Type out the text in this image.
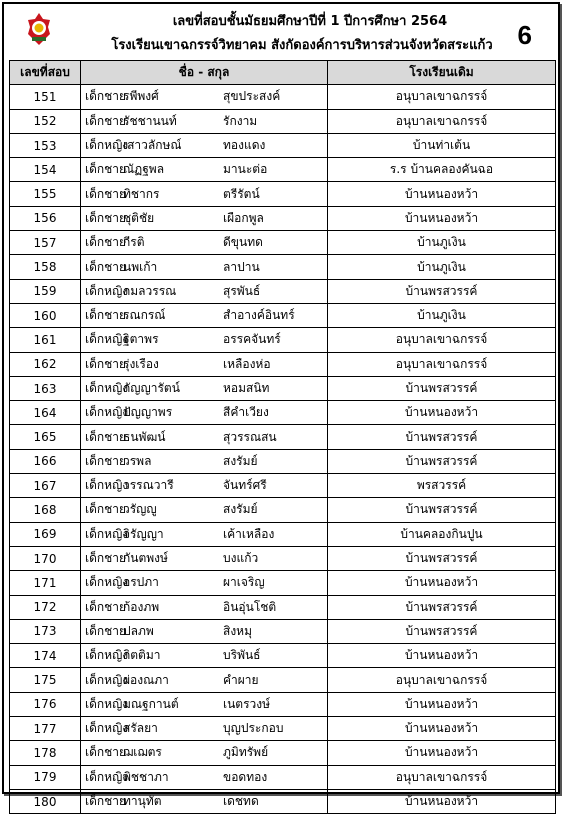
เลขที่สอบชั้นมัธยมศึกษาปีที่ 1 ปีการศึกษา 2564
โรงเรียนเขาฉกรรจ์วิทยาคม สังกัดองค์การบริหารส่วนจังหวัดสระแก้ว 6
เลขที่สอบ	ชื่อ - สกุล	โรงเรียนเดิม
151	เด็กชายรพีพงศ์ สุขประสงค์	อนุบาลเขาฉกรรจ์
152	เด็กชายรัชชานนท์ รักงาม	อนุบาลเขาฉกรรจ์
153	เด็กหญิงเสาวลักษณ์ ทองแดง	บ้านท่าเต้น
154	เด็กชายณัฏฐพล มานะต่อ	ร.ร บ้านคลองคันฉอ
155	เด็กชายทิชากร ตรีรัตน์	บ้านหนองหว้า
156	เด็กชายชุติชัย เผือกพูล	บ้านหนองหว้า
157	เด็กชายกีรติ ดีขุนทด	บ้านภูเงิน
158	เด็กชายนพเก้า ลาปาน	บ้านภูเงิน
159	เด็กหญิงกมลวรรณ สุรพันธ์	บ้านพรสวรรค์
160	เด็กชายรณกรณ์ สำอางค์อินทร์	บ้านภูเงิน
161	เด็กหญิงฐิตาพร อรรคจันทร์	อนุบาลเขาฉกรรจ์
162	เด็กชายรุ่งเรือง เหลืองห่อ	อนุบาลเขาฉกรรจ์
163	เด็กหญิงกัญญารัตน์ หอมสนิท	บ้านพรสวรรค์
164	เด็กหญิงปัญญาพร สีคำเวียง	บ้านหนองหว้า
165	เด็กชายธนพัฒน์ สุวรรณสน	บ้านพรสวรรค์
166	เด็กชายวรพล สงรัมย์	บ้านพรสวรรค์
167	เด็กหญิงวรรณวารี จันทร์ศรี	พรสวรรค์
168	เด็กชายวรัญญู สงรัมย์	บ้านพรสวรรค์
169	เด็กหญิงจิรัญญา เค้าเหลือง	บ้านคลองกินปูน
170	เด็กชายกันตพงษ์ บงแก้ว	บ้านพรสวรรค์
171	เด็กหญิงอรปภา ผาเจริญ	บ้านหนองหว้า
172	เด็กชายก้องภพ อินอุ่นโชติ	บ้านพรสวรรค์
173	เด็กชายปลภพ สิงหมุ	บ้านพรสวรรค์
174	เด็กหญิงกิตติมา บริพันธ์	บ้านหนองหว้า
175	เด็กหญิงผ่องณภา คำผาย	อนุบาลเขาฉกรรจ์
176	เด็กหญิงมณฐกานต์ เนตรวงษ์	บ้านหนองหว้า
177	เด็กหญิงสรัลยา บุญประกอบ	บ้านหนองหว้า
178	เด็กชายฌเฌตร ภูมิทรัพย์	บ้านหนองหว้า
179	เด็กหญิงพิชชาภา ขอดทอง	อนุบาลเขาฉกรรจ์
180	เด็กชายทานุทัต เดชทด	บ้านหนองหว้า
